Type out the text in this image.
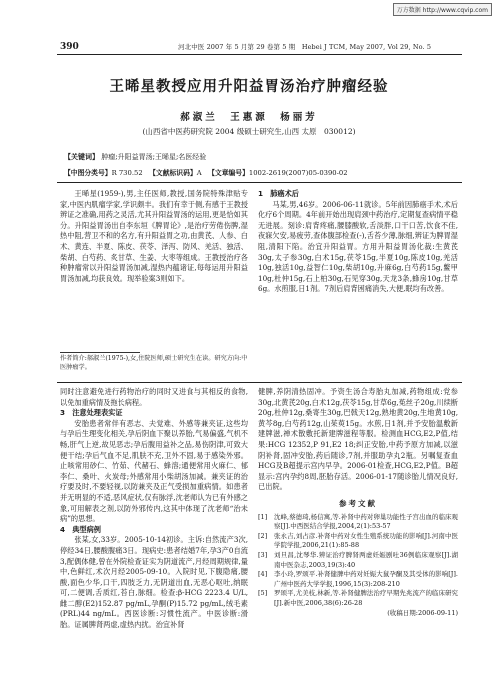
万方数据 http://www.cqvip.com
390	河北中医 2007 年 5 月第 29 卷第 5 期　Hebei J TCM, May 2007, Vol 29, No. 5
王晞星教授应用升阳益胃汤治疗肿瘤经验
郝淑兰　王惠源　杨丽芳
(山西省中医药研究院 2004 级硕士研究生,山西 太原　030012)
【关键词】 肿瘤;升阳益胃汤;王晞星;名医经验
【中图分类号】R 730.52 【文献标识码】A 【文章编号】1002-2619(2007)05-0390-02

王晞星(1959-),男,主任医师,教授,国务院特殊津贴专家,中医内肌瘤学家,学识颇丰。我们有幸于侧,有感于王教授辨证之准确,用药之灵活,尤其升阳益胃汤的运用,更是恰如其分。升阳益胃汤出自李东垣《脾胃论》,是治疗劳倦伤脾,湿热中阻,营卫不和的名方,有升阳益胃之功,由黄芪、人参、白术、黄连、半夏、陈皮、茯苓、泽泻、防风、羌活、独活、柴胡、白芍药、炙甘草、生姜、大枣等组成。王教授治疗各种肿瘤常以升阳益胃汤加减,湿热内蕴诸证,每每运用升阳益胃汤加减,均获良效。现举验案3则如下。

作者简介:郝淑兰(1975-),女,住院医师,硕士研究生在读。研究方向:中医肿瘤学。

1　肺癌术后

马某,男,46岁。2006-06-11就诊。5年前因肺癌手术,术后化疗6个周期。4年前开始出现肩颈中药治疗,定期复查病情平稳无进展。刻诊:肩背疼痛,腰膝酸软,舌淡胖,口干口苦,饮食不佳,夜寐欠安,易疲劳,查体腹部检查(-),舌苔少薄,脉细,辨证为脾胃湿阻,清阳下陷。治宜升阳益胃。方用升阳益胃汤化裁:生黄芪30g,太子参30g,白术15g,茯苓15g,半夏10g,陈皮10g,羌活10g,独活10g,益智仁10g,柴胡10g,升麻6g,白芍药15g,鳖甲10g,杜仲15g,石上柏30g,石见穿30g,天龙3条,蜂房10g,甘草6g。水煎服,日1剂。7剂后肩背困痛消失,大便,眠均有改善。

同时注意避免进行药物治疗的同时又进食与其相反的食物,以免加重病情及拖长病程。

3　注意处理表实证

安胎患者常伴有恶志、夫觉难、外感等兼夹证,这些均与孕后生理变化相关,孕后阴血下聚以养胎,气易偏盛,气机不畅,肝气上逆,故见恶志;孕后腹用益补之品,易伤阴津,可致大便干结;孕后气血不足,肌肤不充,卫外不固,易于感染外邪。止咳常用砂仁、竹茹、代赭石、蜂溶;通便常用火麻仁、郁李仁、桑叶、火炭母;外感常用小柴胡汤加减。兼夹证的治疗要及时,不要轻视,以防兼夹及正气受损加重病情。如患者并无明显的不适,恶风症状,仅有脉浮,沈老师认为已有外感之象,可用解表之剂,以防外邪传内,这其中体现了沈老师“治未病”的思想。

4　典型病例

张某,女,33岁。2005-10-14初诊。主诉:自然流产3次,停经34日,腰酸腹痛3日。现病史:患者结婚7年,孕3产0自流3,配偶体健,曾在外院检查证实为阴道流产,月经周期规律,量中,色鲜红,术次月经2005-09-10。入院时见,下腹隐痛,腰酸,面色少华,口干,四肢乏力,无阴道出血,无恶心呕吐,纳眠可,二便调,舌质红,苔白,脉细。检查:β-HCG 2223.4 U/L,雌二醇(E2)152.87 pg/mL,孕酮(P)15.72 pg/mL,绒毛素(PRL)44 ng/mL。西医诊断:习惯性流产。中医诊断:滑胎。证属脾肾两虚,虚热内扰。治宜补肾

健脾,养阴清热固冲。予资生汤合寿胎丸加减,药物组成:党参30g,北黄芪20g,白术12g,茯苓15g,甘草6g,菟丝子20g,川续断20g,杜仲12g,桑寄生30g,巴戟天12g,熟地黄20g,生地黄10g,黄芩8g,白芍药12g,山茱萸15g。水煎,日1剂,并予安胎温敷新建牌滋,禅术散敷托新建牌滋程等服。检测血HCG,E2,P值,结果:HCG 12352,P 91,E2 18;纠正安胎,中药予原方加减,以滋阴补肾,固冲安胎,药后随诊,7剂,并服助孕丸2瓶。另嘱复查血HCG及B超提示宫内早孕。2006-01检查,HCG,E2,P值。B超显示:宫内孕约8周,胚胎存活。2006-01-17随诊胎儿情况良好,已出院。

参考文献

[1] 沈峰,蔡德琦,杨信寓,等.补肾中药对卵巢功能性子宫出血的临床观察[J].中西医结合学报,2004,2(1):53-57

[2] 张永吉,刘占彦.补肾中药对女性生殖系统功能的影响[J].河南中医学院学报,2006,21(1):85-88

[3] 刘旦昌,沈琴华.辨证治疗脾肾两虚妊娠剧吐36例临床观察[J].湖南中医杂志,2003,19(3):40

[4] 李小玲,罗颂平.补肾健脾中药对妊娠大鼠孕酮及其受体的影响[J].广州中医药大学学报,1996,15(3):208-210

[5] 罗颂平,尤美枝,林新,等.补肾健脾法治疗早期先兆流产的临床研究[J].新中医,2006,38(6):26-28

(收稿日期:2006-09-11)
